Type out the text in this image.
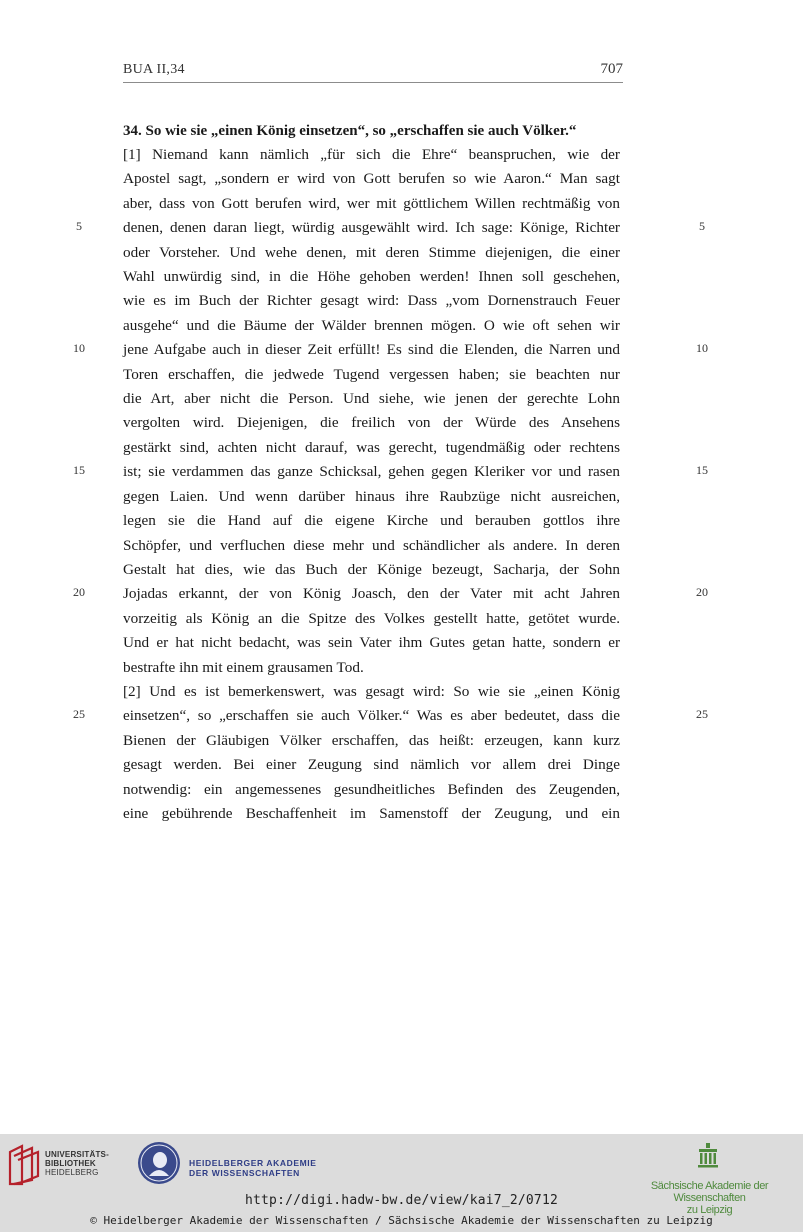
BUA II,34	707
34. So wie sie „einen König einsetzen“, so „erschaffen sie auch Völker.“
[1] Niemand kann nämlich „für sich die Ehre“ beanspruchen, wie der
Apostel sagt, „sondern er wird von Gott berufen so wie Aaron.“ Man sagt
aber, dass von Gott berufen wird, wer mit göttlichem Willen rechtmäßig von
denen, denen daran liegt, würdig ausgewählt wird. Ich sage: Könige, Richter
oder Vorsteher. Und wehe denen, mit deren Stimme diejenigen, die einer
Wahl unwürdig sind, in die Höhe gehoben werden! Ihnen soll geschehen,
wie es im Buch der Richter gesagt wird: Dass „vom Dornenstrauch Feuer
ausgehe“ und die Bäume der Wälder brennen mögen. O wie oft sehen wir
jene Aufgabe auch in dieser Zeit erfüllt! Es sind die Elenden, die Narren und
Toren erschaffen, die jedwede Tugend vergessen haben; sie beachten nur
die Art, aber nicht die Person. Und siehe, wie jenen der gerechte Lohn
vergolten wird. Diejenigen, die freilich von der Würde des Ansehens
gestärkt sind, achten nicht darauf, was gerecht, tugendmäßig oder rechtens
ist; sie verdammen das ganze Schicksal, gehen gegen Kleriker vor und rasen
gegen Laien. Und wenn darüber hinaus ihre Raubzüge nicht ausreichen,
legen sie die Hand auf die eigene Kirche und berauben gottlos ihre
Schöpfer, und verfluchen diese mehr und schändlicher als andere. In deren
Gestalt hat dies, wie das Buch der Könige bezeugt, Sacharja, der Sohn
Jojadas erkannt, der von König Joasch, den der Vater mit acht Jahren
vorzeitig als König an die Spitze des Volkes gestellt hatte, getötet wurde.
Und er hat nicht bedacht, was sein Vater ihm Gutes getan hatte, sondern er
bestrafte ihn mit einem grausamen Tod.
[2] Und es ist bemerkenswert, was gesagt wird: So wie sie „einen König
einsetzen“, so „erschaffen sie auch Völker.“ Was es aber bedeutet, dass die
Bienen der Gläubigen Völker erschaffen, das heißt: erzeugen, kann kurz
gesagt werden. Bei einer Zeugung sind nämlich vor allem drei Dinge
notwendig: ein angemessenes gesundheitliches Befinden des Zeugenden,
eine gebührende Beschaffenheit im Samenstoff der Zeugung, und ein
5
10
15
20
25
5
10
15
20
25
UNIVERSITÄTS-
BIBLIOTHEK
HEIDELBERG
HEIDELBERGER AKADEMIE
DER WISSENSCHAFTEN
Sächsische Akademie der Wissenschaften
zu Leipzig
http://digi.hadw-bw.de/view/kai7_2/0712
© Heidelberger Akademie der Wissenschaften / Sächsische Akademie der Wissenschaften zu Leipzig
